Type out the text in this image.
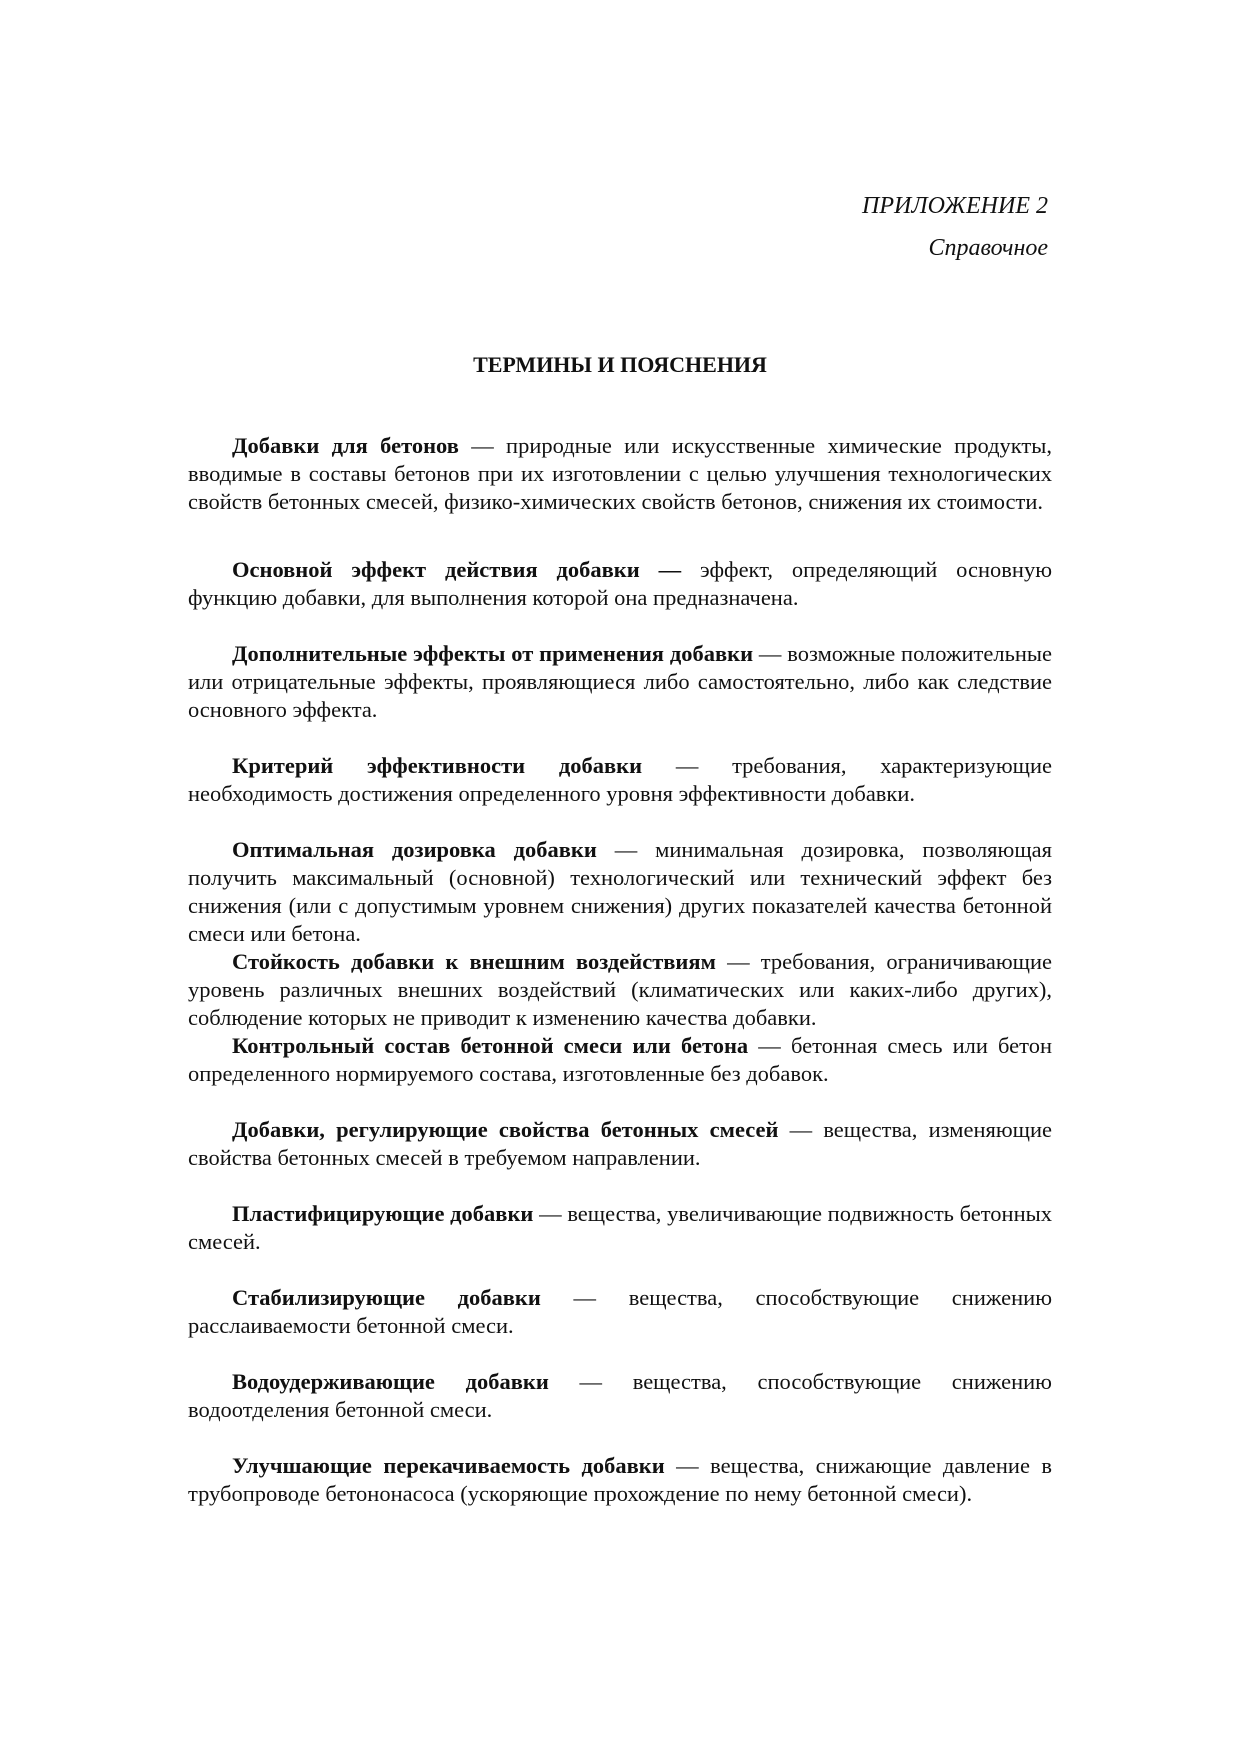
ПРИЛОЖЕНИЕ 2
Справочное
ТЕРМИНЫ И ПОЯСНЕНИЯ

Добавки для бетонов — природные или искусственные химические продукты, вводимые в составы бетонов при их изготовлении с целью улучшения технологических свойств бетонных смесей, физико-химических свойств бетонов, снижения их стоимости.

Основной эффект действия добавки — эффект, определяющий основную функцию добавки, для выполнения которой она предназначена.

Дополнительные эффекты от применения добавки — возможные положительные или отрицательные эффекты, проявляющиеся либо самостоятельно, либо как следствие основного эффекта.

Критерий эффективности добавки — требования, характеризующие необходимость достижения определенного уровня эффективности добавки.

Оптимальная дозировка добавки — минимальная дозировка, позволяющая получить максимальный (основной) технологический или технический эффект без снижения (или с допустимым уровнем снижения) других показателей качества бетонной смеси или бетона.

Стойкость добавки к внешним воздействиям — требования, ограничивающие уровень различных внешних воздействий (климатических или каких-либо других), соблюдение которых не приводит к изменению качества добавки.

Контрольный состав бетонной смеси или бетона — бетонная смесь или бетон определенного нормируемого состава, изготовленные без добавок.

Добавки, регулирующие свойства бетонных смесей — вещества, изменяющие свойства бетонных смесей в требуемом направлении.

Пластифицирующие добавки — вещества, увеличивающие подвижность бетонных смесей.

Стабилизирующие добавки — вещества, способствующие снижению расслаиваемости бетонной смеси.

Водоудерживающие добавки — вещества, способствующие снижению водоотделения бетонной смеси.

Улучшающие перекачиваемость добавки — вещества, снижающие давление в трубопроводе бетононасоса (ускоряющие прохождение по нему бетонной смеси).
